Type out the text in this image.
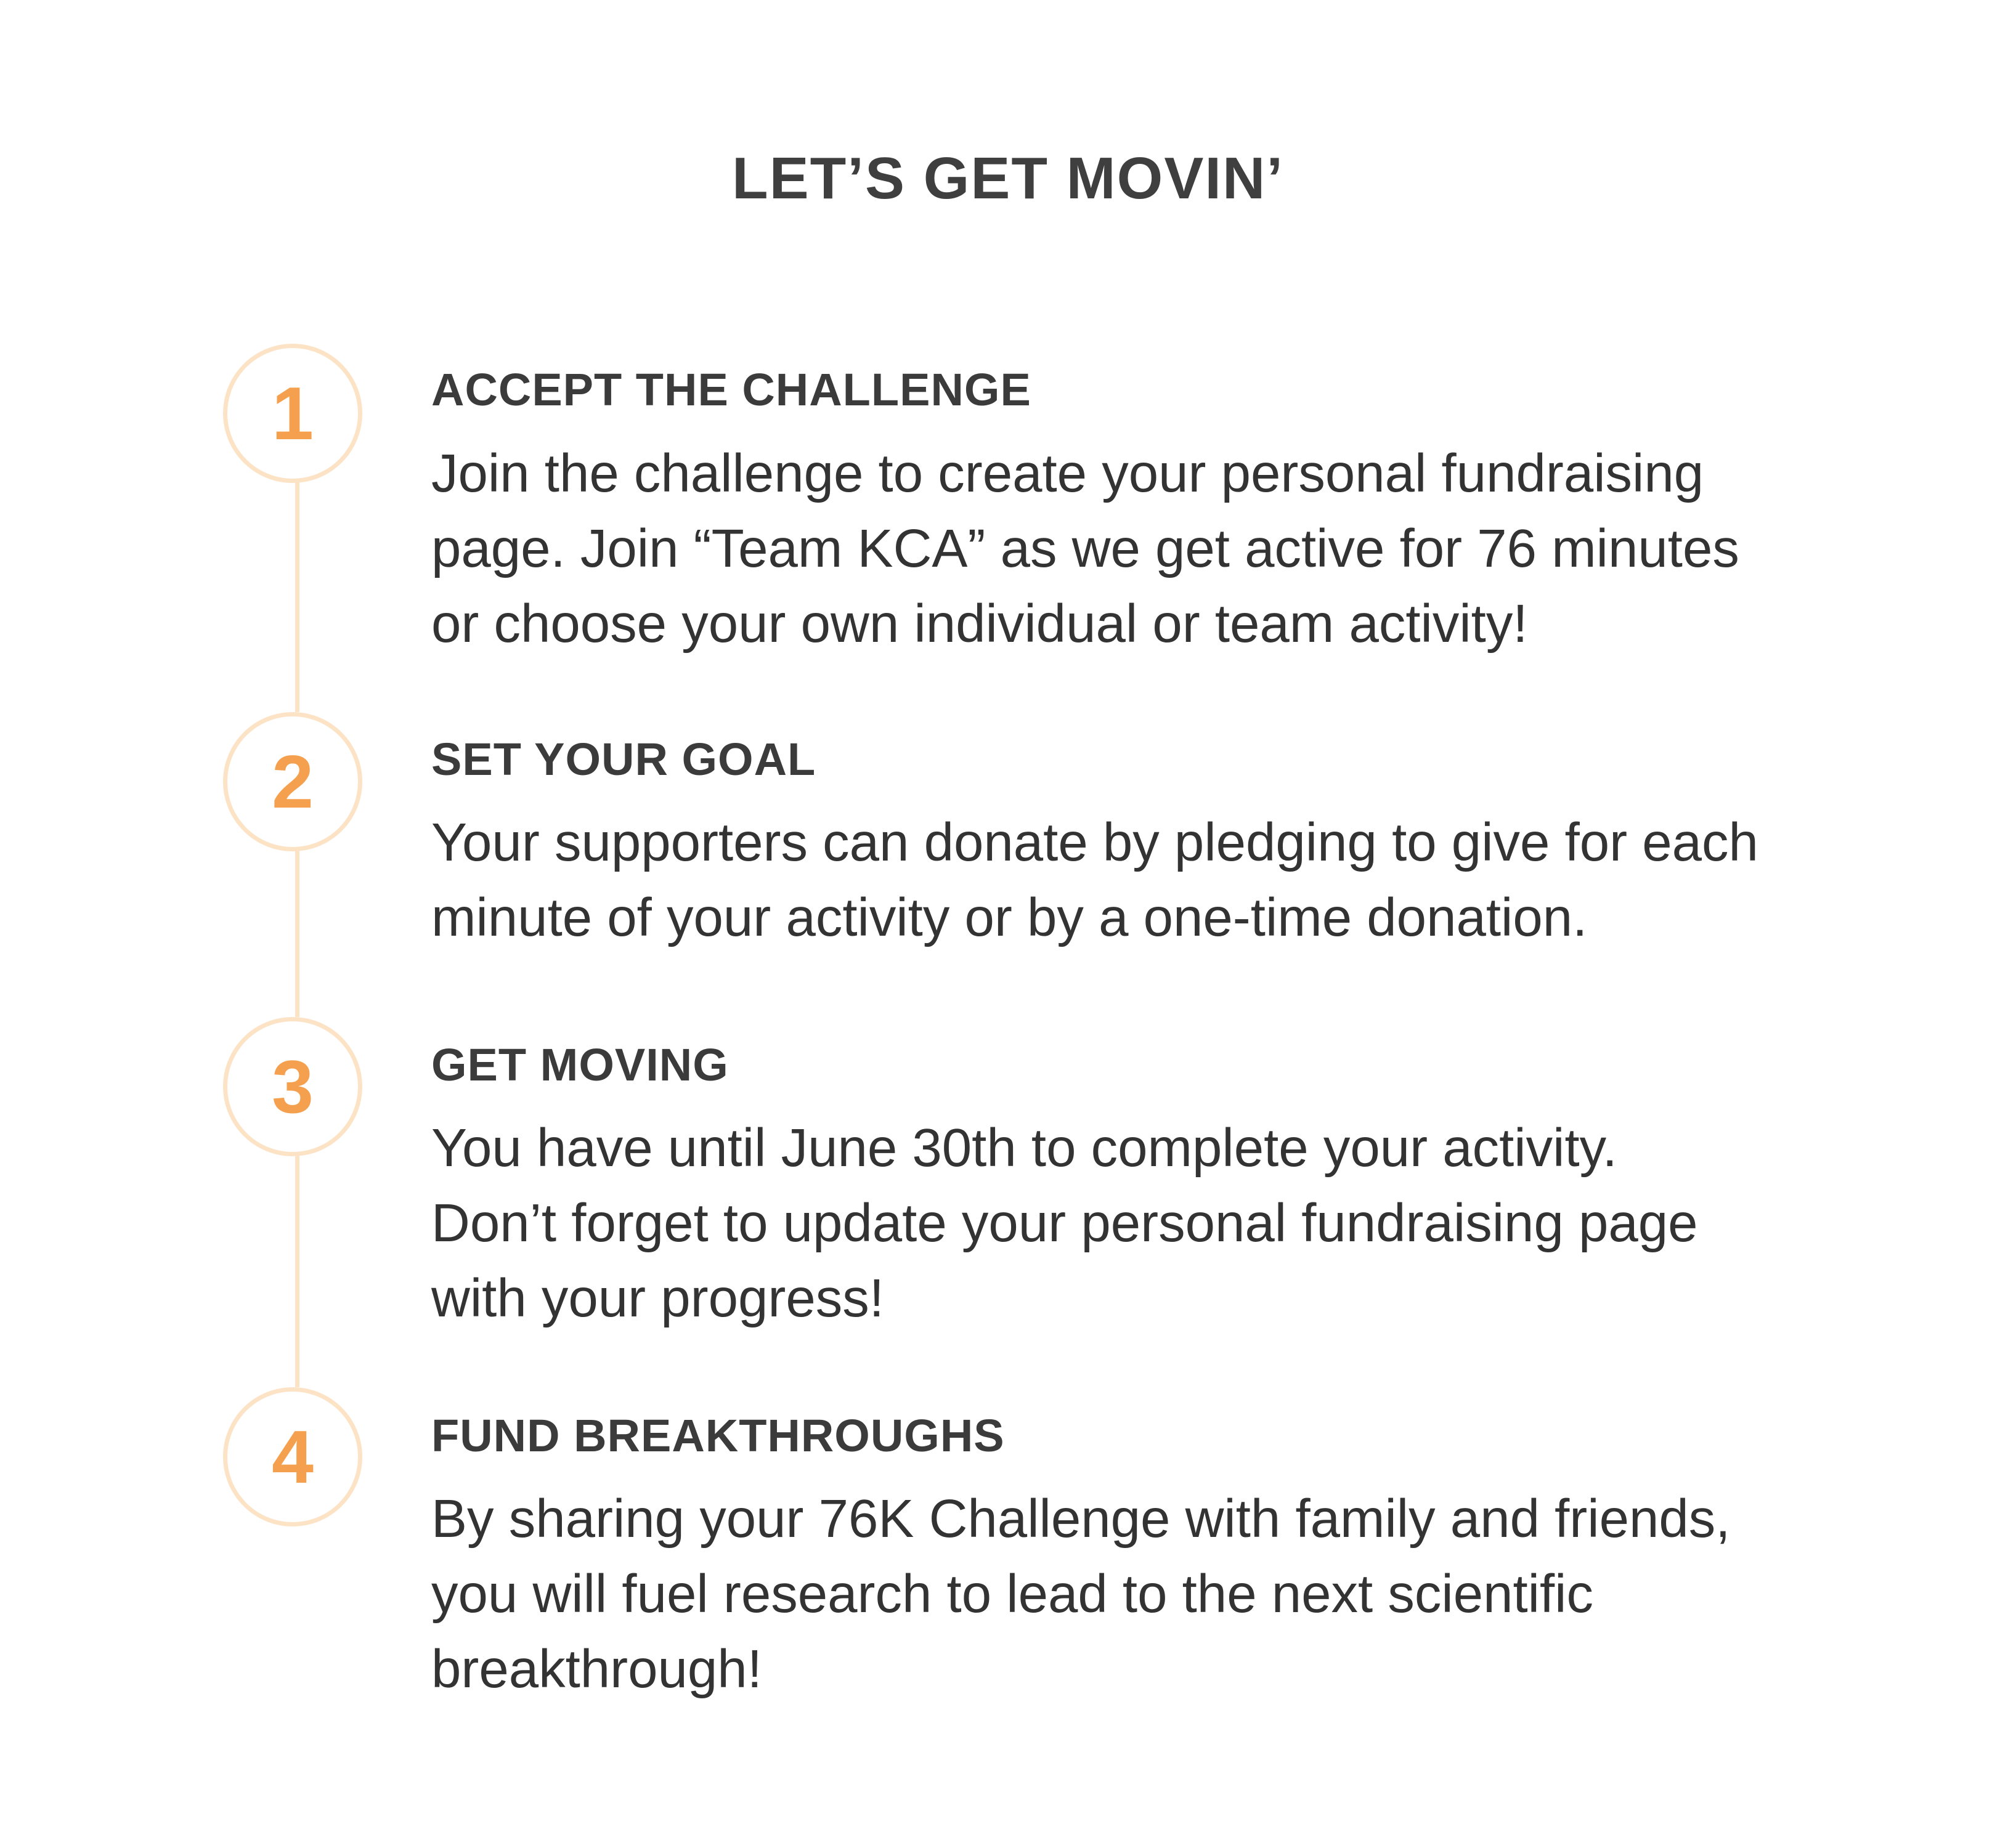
LET’S GET MOVIN’
1	ACCEPT THE CHALLENGE

Join the challenge to create your personal fundraising
page. Join “Team KCA” as we get active for 76 minutes
or choose your own individual or team activity!

2	SET YOUR GOAL

Your supporters can donate by pledging to give for each
minute of your activity or by a one-time donation.

3	GET MOVING

You have until June 30th to complete your activity.
Don’t forget to update your personal fundraising page
with your progress!

4	FUND BREAKTHROUGHS

By sharing your 76K Challenge with family and friends,
you will fuel research to lead to the next scientific
breakthrough!
